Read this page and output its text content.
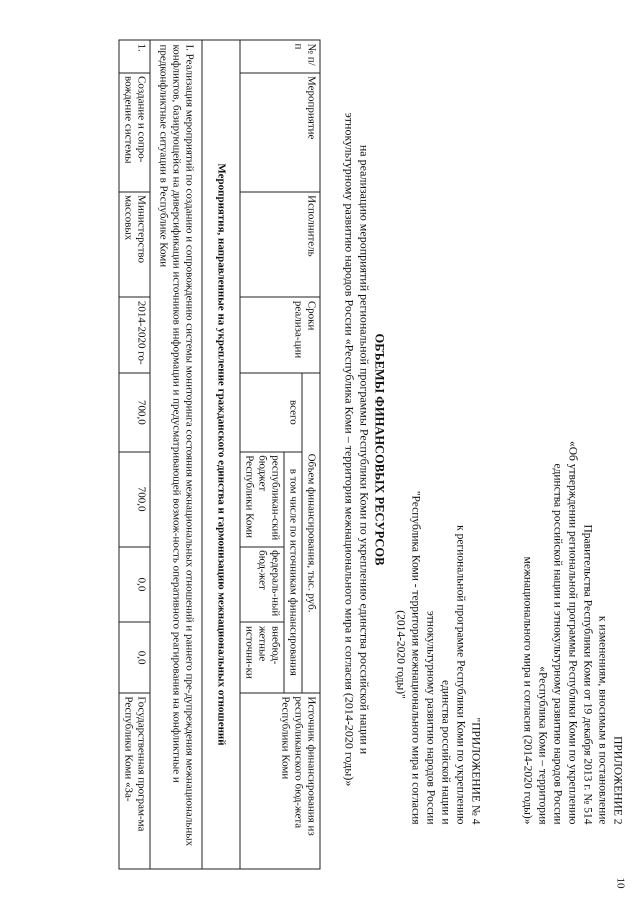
10
ПРИЛОЖЕНИЕ 2
к изменениям, вносимым в постановление
Правительства Республики Коми от 19 декабря 2013 г. № 514
«Об утверждении региональной программы Республики Коми по укреплению
единства российской нации и этнокультурному развитию народов России
«Республика Коми – территория
межнационального мира и согласия (2014-2020 годы)»
"ПРИЛОЖЕНИЕ № 4
к региональной программе Республики Коми по укреплению
единства российской нации и
этнокультурному развитию народов России
"Республика Коми - территория межнационального мира и согласия
(2014-2020 годы)"
ОБЪЕМЫ ФИНАНСОВЫХ РЕСУРСОВ
на реализацию мероприятий региональной программы Республики Коми по укреплению единства российской нации и
этнокультурному развитию народов России «Республика Коми – территория межнационального мира и согласия (2014-2020 годы)»
№ п/п	Мероприятие	Исполнитель	Сроки реализа-ции	Объем финансирования, тыс. руб.				Источник финансирования из республиканского бюд-жета Республики Коми
				всего	в том числе по источникам финансирования			
					республикан-ский бюджет Республики Коми	федераль-ный бюд-жет	внебюд-жетные источни-ки	
Мероприятия, направленные на укрепление гражданского единства и гармонизацию межнациональных отношений								
I. Реализация мероприятий по созданию и сопровождению системы мониторинга состояния межнациональных отношений и раннего пре-дупреждения межнациональных конфликтов, базирующейся на диверсификации источников информации и предусматривающей возмож-ность оперативного реагирования на конфликтные и предконфликтные ситуации в Республике Коми								
1.	Создание и сопро-вождение системы	Министерство массовых	2014-2020 го-	700,0	700,0	0,0	0,0	Государственная програм-ма Республики Коми «За-
